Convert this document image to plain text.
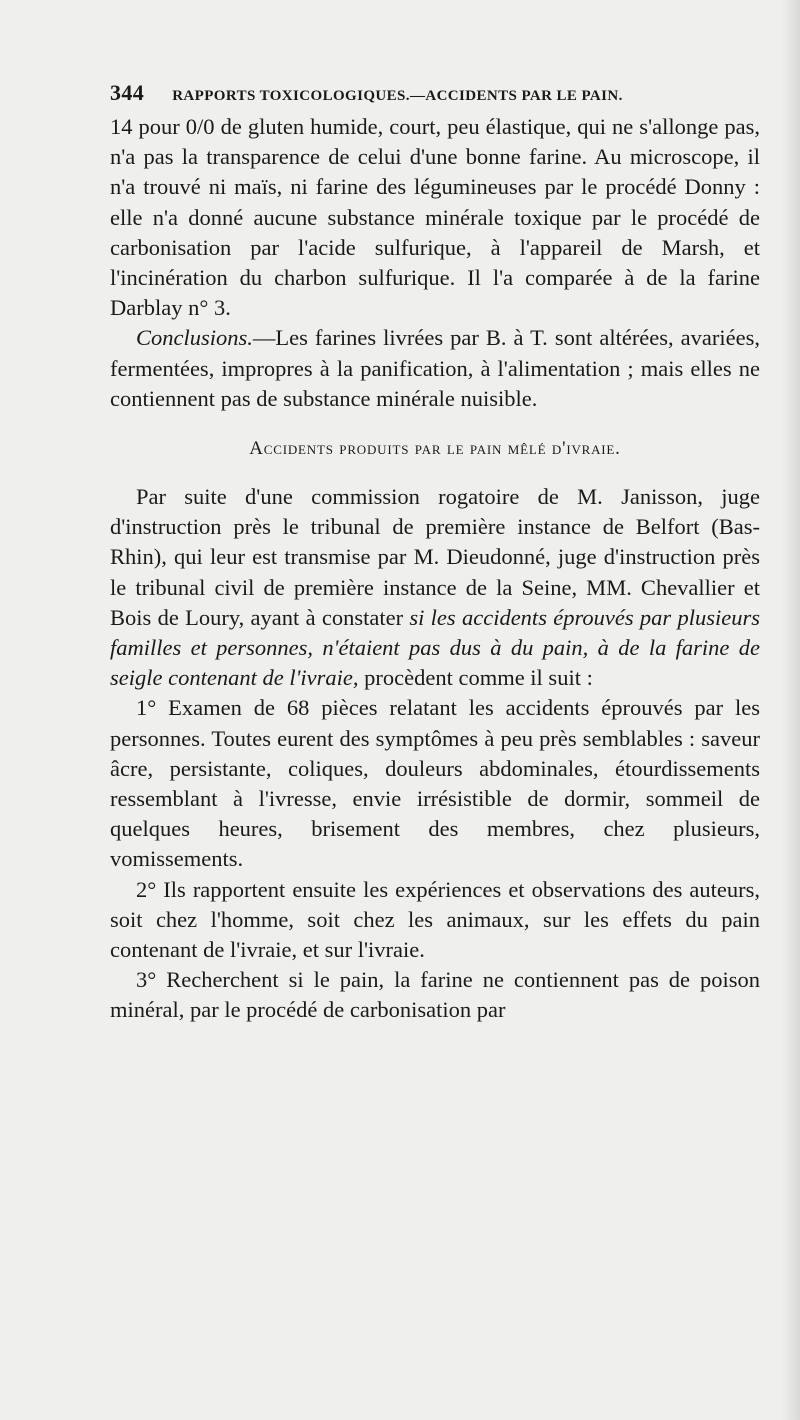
344 RAPPORTS TOXICOLOGIQUES.—ACCIDENTS PAR LE PAIN.

14 pour 0/0 de gluten humide, court, peu élastique, qui ne s'allonge pas, n'a pas la transparence de celui d'une bonne farine. Au microscope, il n'a trouvé ni maïs, ni farine des légumineuses par le procédé Donny : elle n'a donné aucune substance minérale toxique par le procédé de carbonisation par l'acide sulfurique, à l'appareil de Marsh, et l'incinération du charbon sulfurique. Il l'a comparée à de la farine Darblay n° 3.

Conclusions.—Les farines livrées par B. à T. sont altérées, avariées, fermentées, impropres à la panification, à l'alimentation ; mais elles ne contiennent pas de substance minérale nuisible.

Accidents produits par le pain mêlé d'ivraie.

Par suite d'une commission rogatoire de M. Janisson, juge d'instruction près le tribunal de première instance de Belfort (Bas-Rhin), qui leur est transmise par M. Dieudonné, juge d'instruction près le tribunal civil de première instance de la Seine, MM. Chevallier et Bois de Loury, ayant à constater si les accidents éprouvés par plusieurs familles et personnes, n'étaient pas dus à du pain, à de la farine de seigle contenant de l'ivraie, procèdent comme il suit :

1° Examen de 68 pièces relatant les accidents éprouvés par les personnes. Toutes eurent des symptômes à peu près semblables : saveur âcre, persistante, coliques, douleurs abdominales, étourdissements ressemblant à l'ivresse, envie irrésistible de dormir, sommeil de quelques heures, brisement des membres, chez plusieurs, vomissements.

2° Ils rapportent ensuite les expériences et observations des auteurs, soit chez l'homme, soit chez les animaux, sur les effets du pain contenant de l'ivraie, et sur l'ivraie.

3° Recherchent si le pain, la farine ne contiennent pas de poison minéral, par le procédé de carbonisation par
